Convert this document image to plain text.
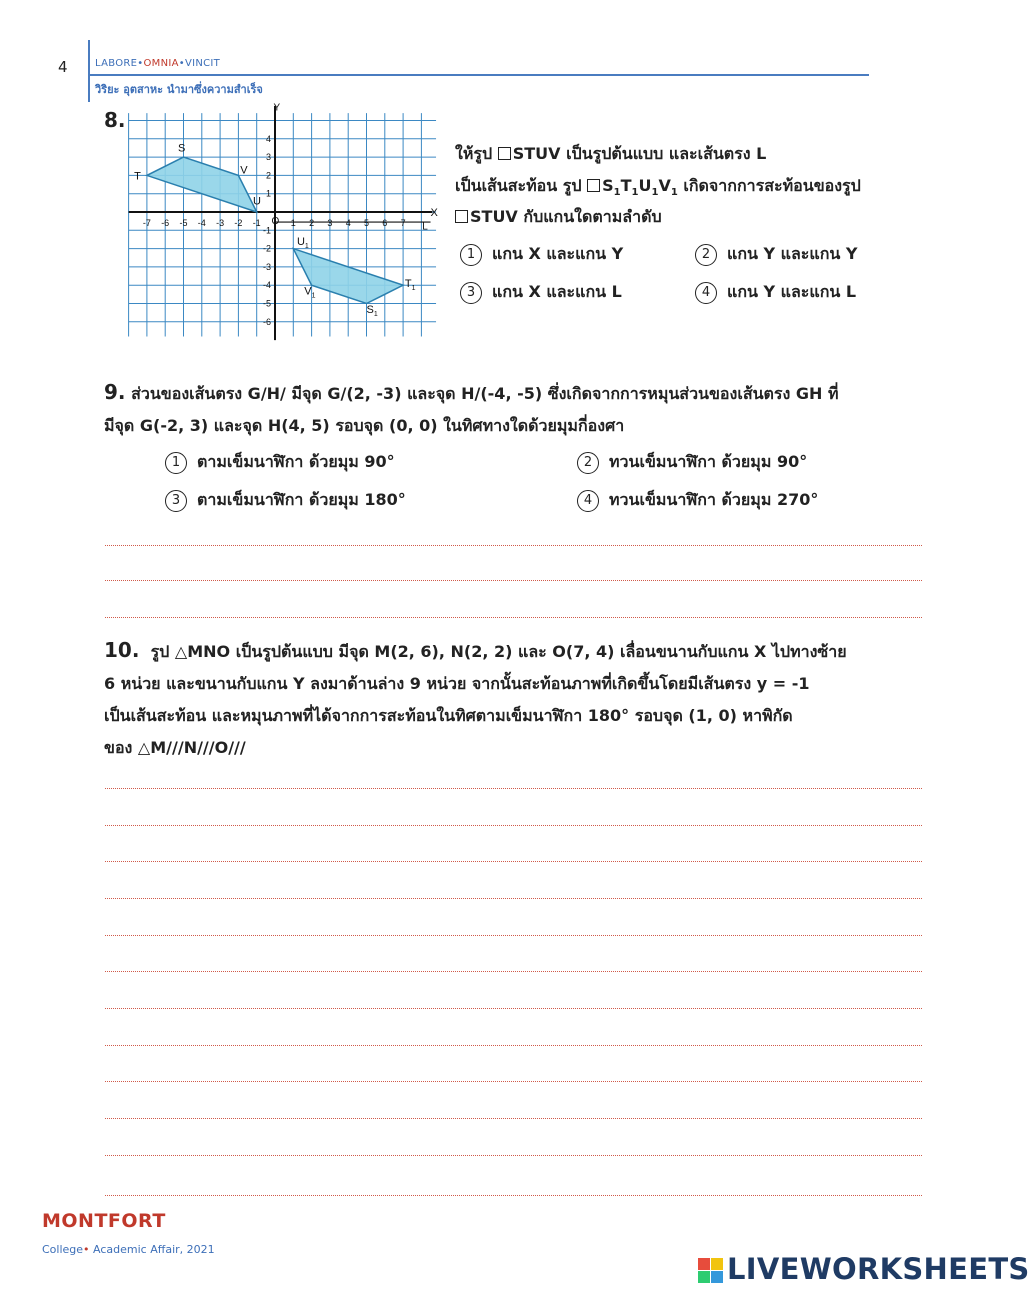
4	LABORE•OMNIA•VINCIT
วิริยะ อุตสาหะ นำมาซึ่งความสำเร็จ
8.
-7 -6 -5 -4 -3 -2 -1	1 2 3 4 5 6 7
4
3
2
1
-1
-2
-3
-4
-5
-6
X
Y
L
O
S
T
U
V
$S_1$
$T_1$
$U_1$
$V_1$
ให้รูป STUV เป็นรูปต้นแบบ และเส้นตรง L
เป็นเส้นสะท้อน รูป $S_1T_1U_1V_1$ เกิดจากการสะท้อนของรูป
STUV กับแกนใดตามลำดับ
1 แกน X และแกน Y	2 แกน Y และแกน Y
3 แกน X และแกน L	4 แกน Y และแกน L
9. ส่วนของเส้นตรง G/H/ มีจุด G/(2, -3) และจุด H/(-4, -5) ซึ่งเกิดจากการหมุนส่วนของเส้นตรง GH ที่
มีจุด G(-2, 3) และจุด H(4, 5) รอบจุด (0, 0) ในทิศทางใดด้วยมุมกี่องศา
1 ตามเข็มนาฬิกา ด้วยมุม 90°	2 ทวนเข็มนาฬิกา ด้วยมุม 90°
3 ตามเข็มนาฬิกา ด้วยมุม 180°	4 ทวนเข็มนาฬิกา ด้วยมุม 270°
10. รูป △MNO เป็นรูปต้นแบบ มีจุด M(2, 6), N(2, 2) และ O(7, 4) เลื่อนขนานกับแกน X ไปทางซ้าย
6 หน่วย และขนานกับแกน Y ลงมาด้านล่าง 9 หน่วย จากนั้นสะท้อนภาพที่เกิดขึ้นโดยมีเส้นตรง y = -1
เป็นเส้นสะท้อน และหมุนภาพที่ได้จากการสะท้อนในทิศตามเข็มนาฬิกา 180° รอบจุด (1, 0) หาพิกัด
ของ △M///N///O///
MONTFORT
College• Academic Affair, 2021
LIVEWORKSHEETS
